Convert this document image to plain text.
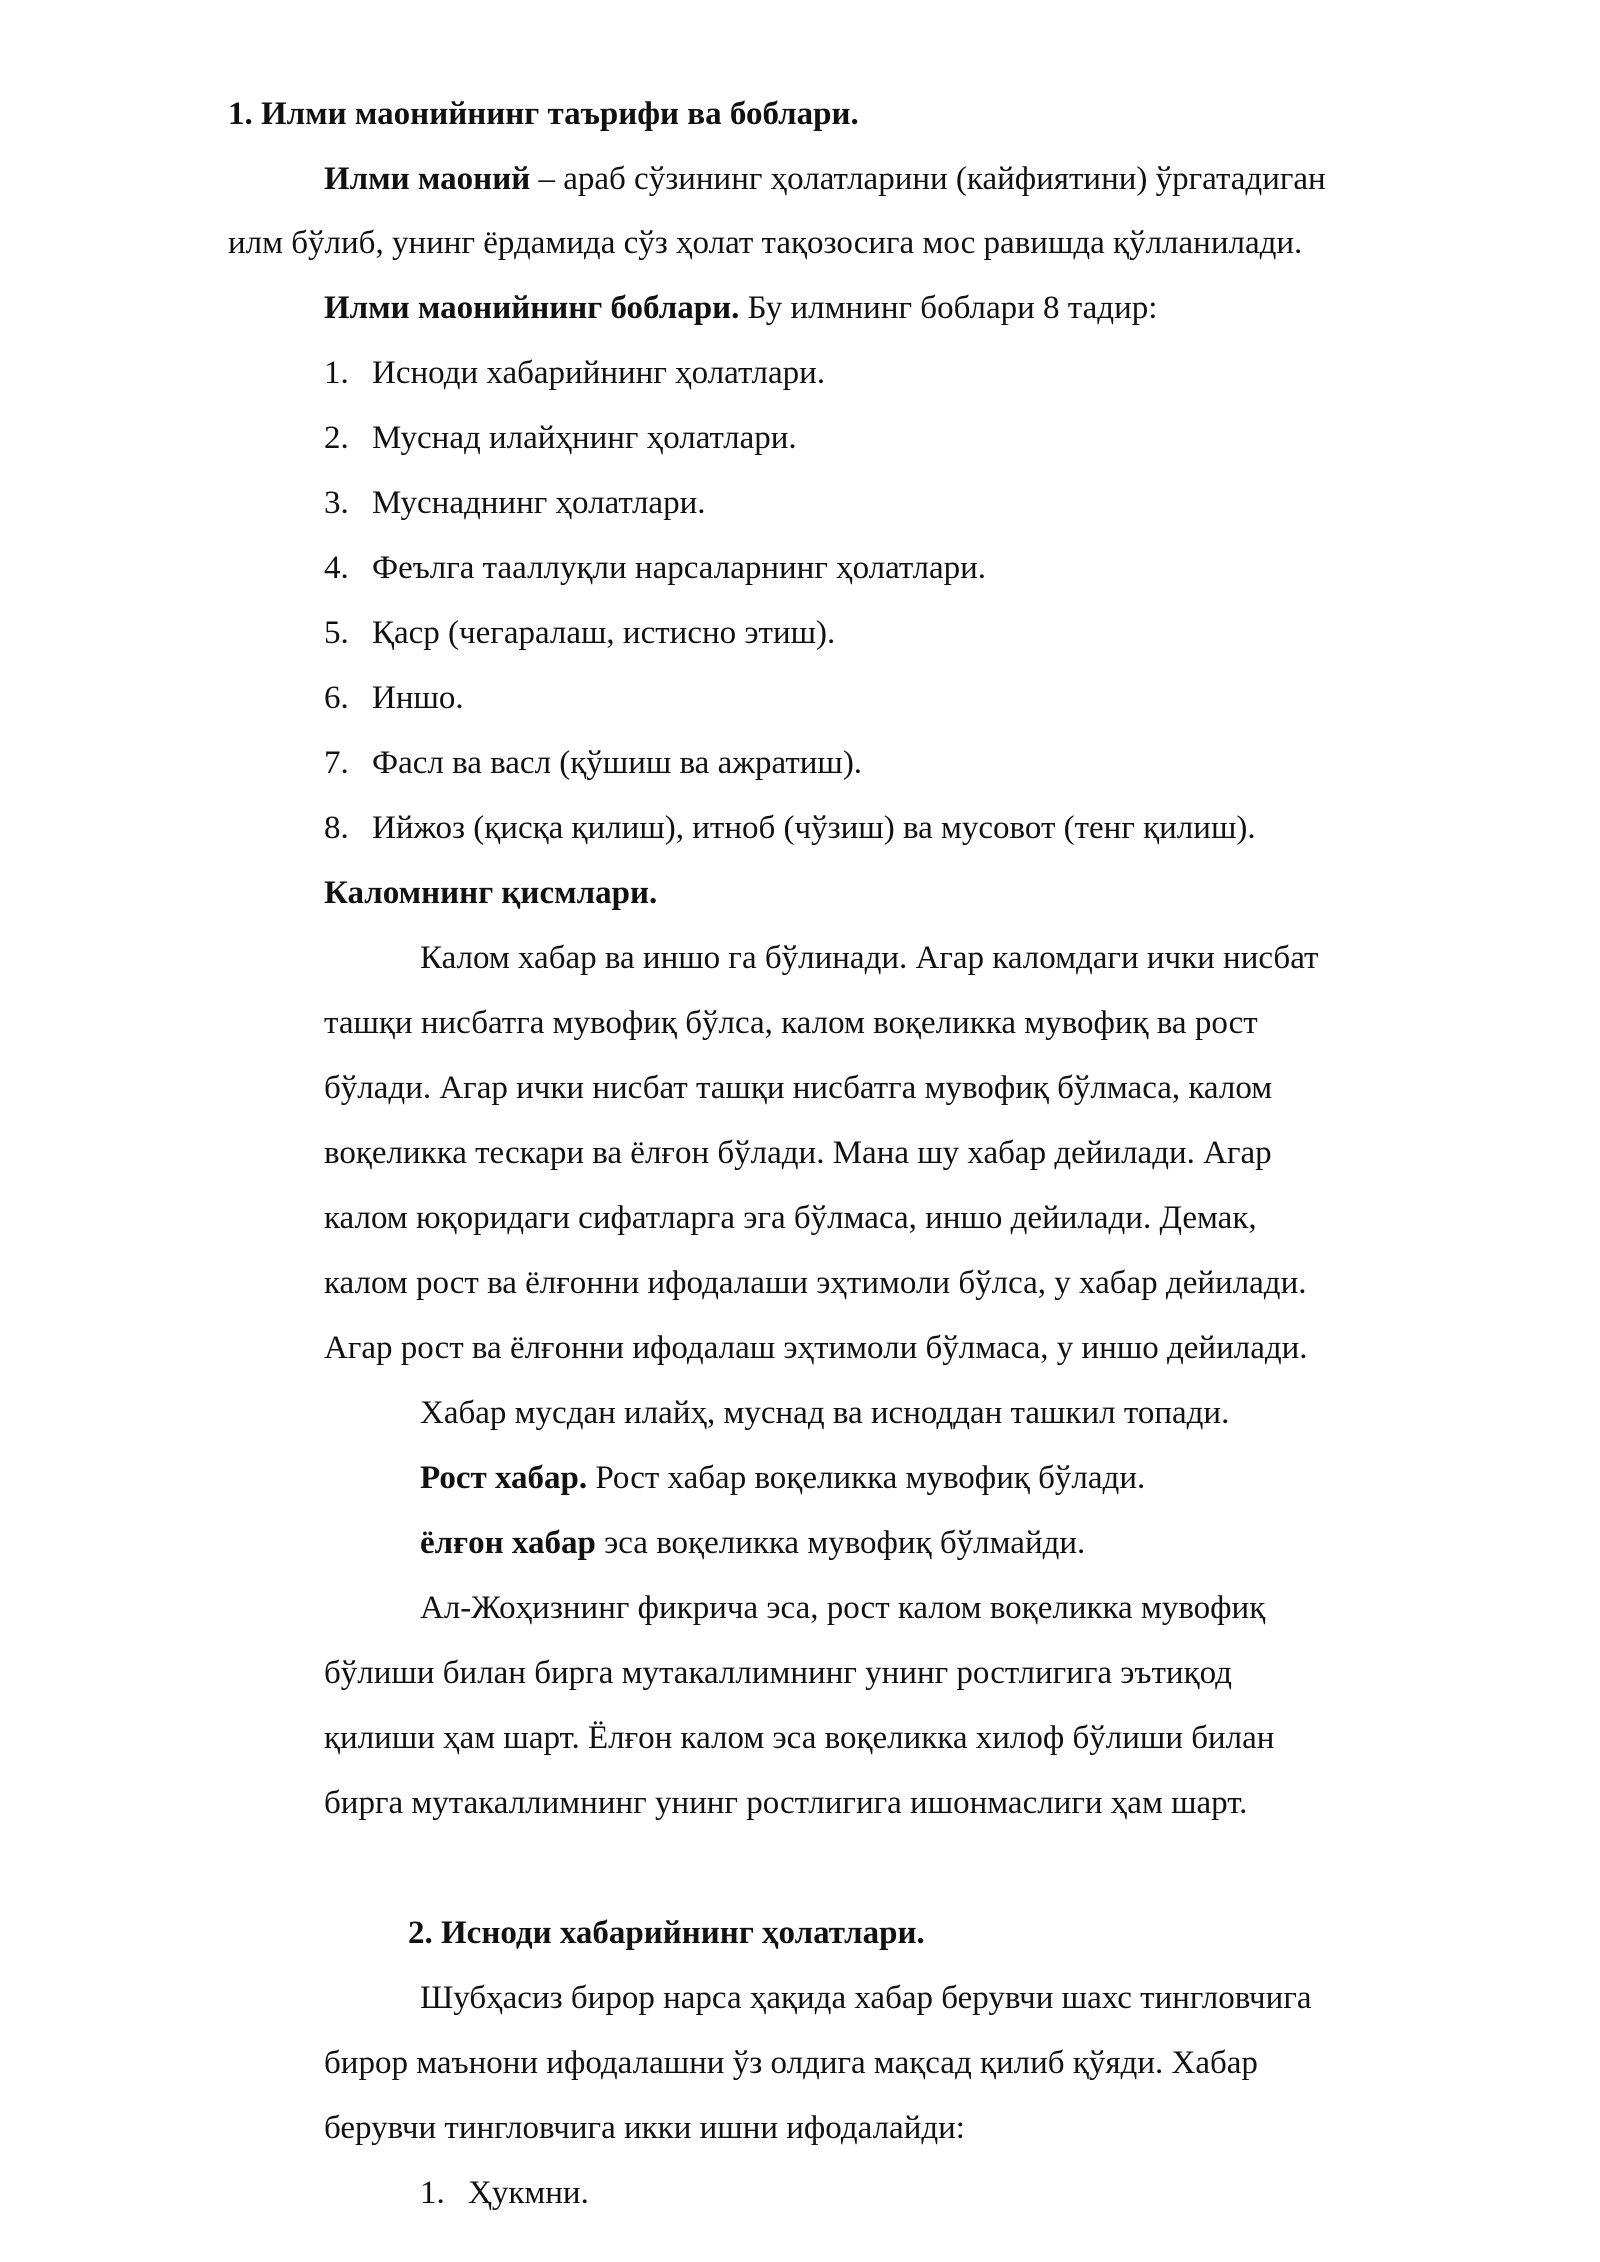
1. Илми маонийнинг таърифи ва боблари.
Илми маоний – араб сўзининг ҳолатларини (кайфиятини) ўргатадиган
илм бўлиб, унинг ёрдамида сўз ҳолат тақозосига мос равишда қўлланилади.
Илми маонийнинг боблари. Бу илмнинг боблари 8 тадир:
1. Исноди хабарийнинг ҳолатлари.
2. Муснад илайҳнинг ҳолатлари.
3. Муснаднинг ҳолатлари.
4. Феълга тааллуқли нарсаларнинг ҳолатлари.
5. Қаср (чегаралаш, истисно этиш).
6. Иншо.
7. Фасл ва васл (қўшиш ва ажратиш).
8. Ийжоз (қисқа қилиш), итноб (чўзиш) ва мусовот (тенг қилиш).
Каломнинг қисмлари.
Калом хабар ва иншо га бўлинади. Агар каломдаги ички нисбат
ташқи нисбатга мувофиқ бўлса, калом воқеликка мувофиқ ва рост
бўлади. Агар ички нисбат ташқи нисбатга мувофиқ бўлмаса, калом
воқеликка тескари ва ёлғон бўлади. Мана шу хабар дейилади. Агар
калом юқоридаги сифатларга эга бўлмаса, иншо дейилади. Демак,
калом рост ва ёлғонни ифодалаши эҳтимоли бўлса, у хабар дейилади.
Агар рост ва ёлғонни ифодалаш эҳтимоли бўлмаса, у иншо дейилади.
Хабар мусдан илайҳ, муснад ва исноддан ташкил топади.
Рост хабар. Рост хабар воқеликка мувофиқ бўлади.
ёлғон хабар эса воқеликка мувофиқ бўлмайди.
Ал-Жоҳизнинг фикрича эса, рост калом воқеликка мувофиқ
бўлиши билан бирга мутакаллимнинг унинг ростлигига эътиқод
қилиши ҳам шарт. Ёлғон калом эса воқеликка хилоф бўлиши билан
бирга мутакаллимнинг унинг ростлигига ишонмаслиги ҳам шарт.
2. Исноди хабарийнинг ҳолатлари.
Шубҳасиз бирор нарса ҳақида хабар берувчи шахс тингловчига
бирор маънони ифодалашни ўз олдига мақсад қилиб қўяди. Хабар
берувчи тингловчига икки ишни ифодалайди:
1. Ҳукмни.
